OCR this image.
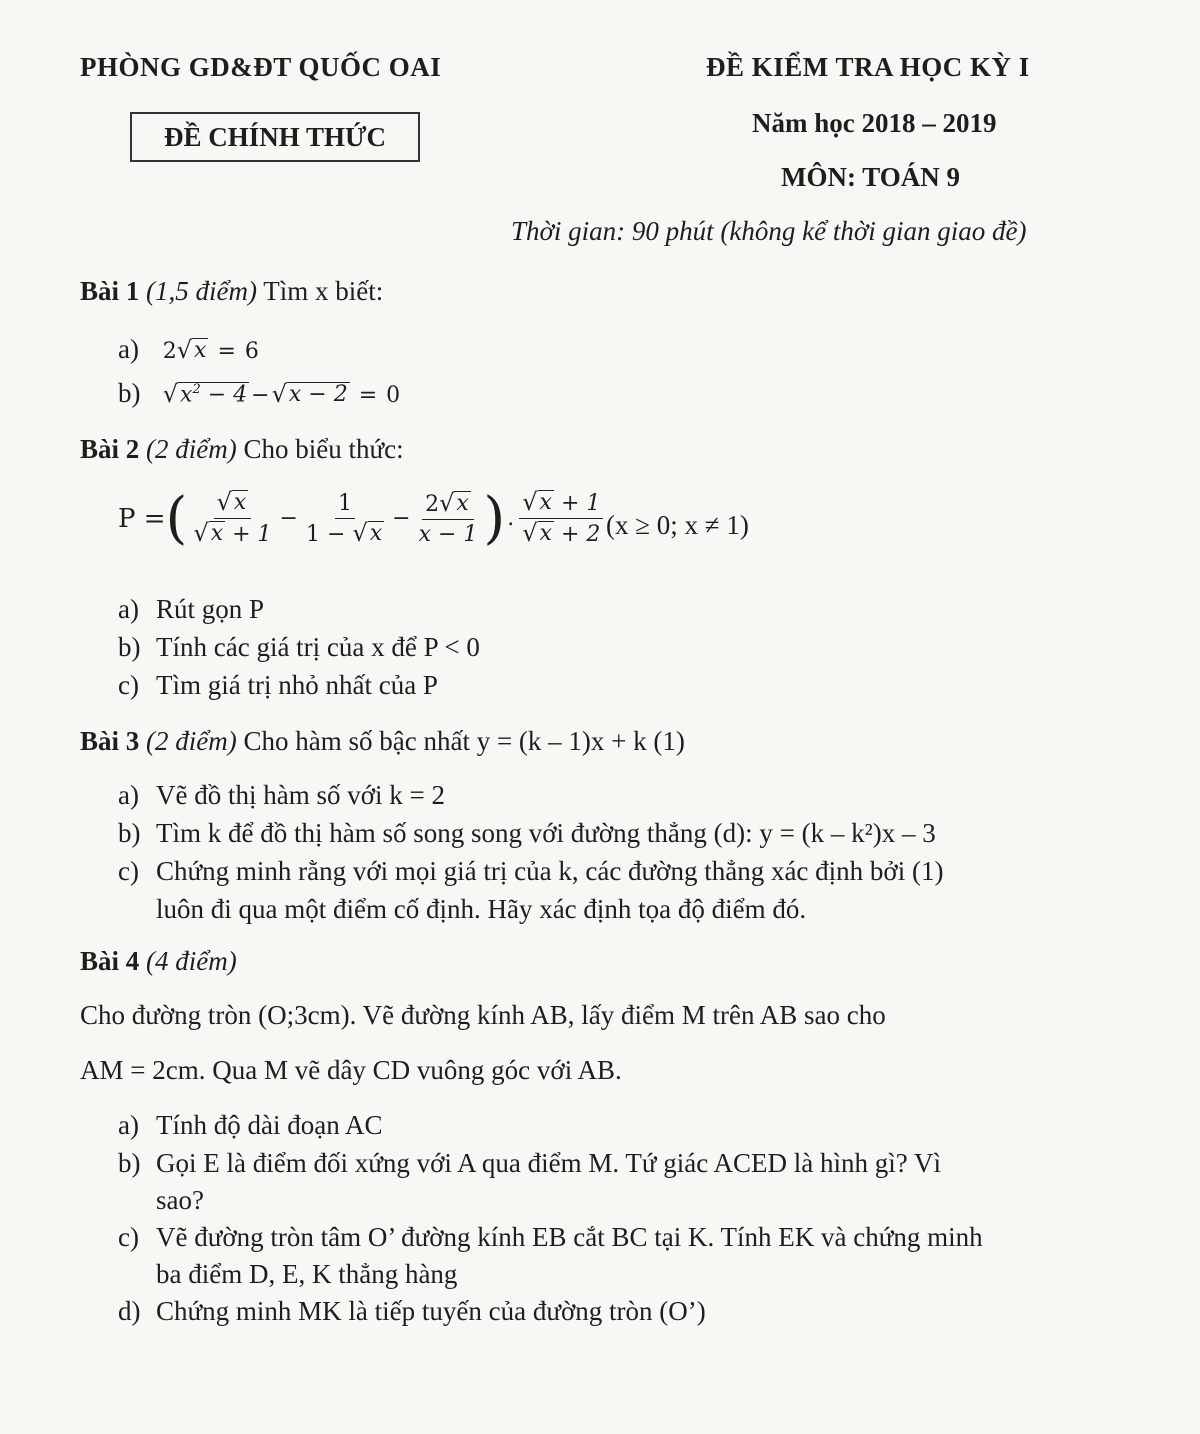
PHÒNG GD&ĐT QUỐC OAI	ĐỀ KIỂM TRA HỌC KỲ I
ĐỀ CHÍNH THỨC	Năm học 2018 – 2019
MÔN: TOÁN 9
Thời gian: 90 phút (không kể thời gian giao đề)
Bài 1 (1,5 điểm) Tìm x biết:
a) 2 √ x = 6
b) √ $x^2 - 4$ − √ x − 2 = 0
Bài 2 (2 điểm) Cho biểu thức:
P = ( $\frac{√ x}{√ x + 1} - \frac{1}{1 - √ x} - \frac{2 √ x}{x - 1}$ ) . $\frac{√ x + 1}{√ x + 2} (x \ge 0$; x ≠ 1)
a) Rút gọn P
b) Tính các giá trị của x để P < 0
c) Tìm giá trị nhỏ nhất của P
Bài 3 (2 điểm) Cho hàm số bậc nhất y = (k – 1)x + k (1)
a) Vẽ đồ thị hàm số với k = 2
b) Tìm k để đồ thị hàm số song song với đường thẳng (d): y = (k – k²)x – 3
c) Chứng minh rằng với mọi giá trị của k, các đường thẳng xác định bởi (1)
luôn đi qua một điểm cố định. Hãy xác định tọa độ điểm đó.
Bài 4 (4 điểm)
Cho đường tròn (O;3cm). Vẽ đường kính AB, lấy điểm M trên AB sao cho
AM = 2cm. Qua M vẽ dây CD vuông góc với AB.
a) Tính độ dài đoạn AC
b) Gọi E là điểm đối xứng với A qua điểm M. Tứ giác ACED là hình gì? Vì
sao?
c) Vẽ đường tròn tâm O’ đường kính EB cắt BC tại K. Tính EK và chứng minh
ba điểm D, E, K thẳng hàng
d) Chứng minh MK là tiếp tuyến của đường tròn (O’)
